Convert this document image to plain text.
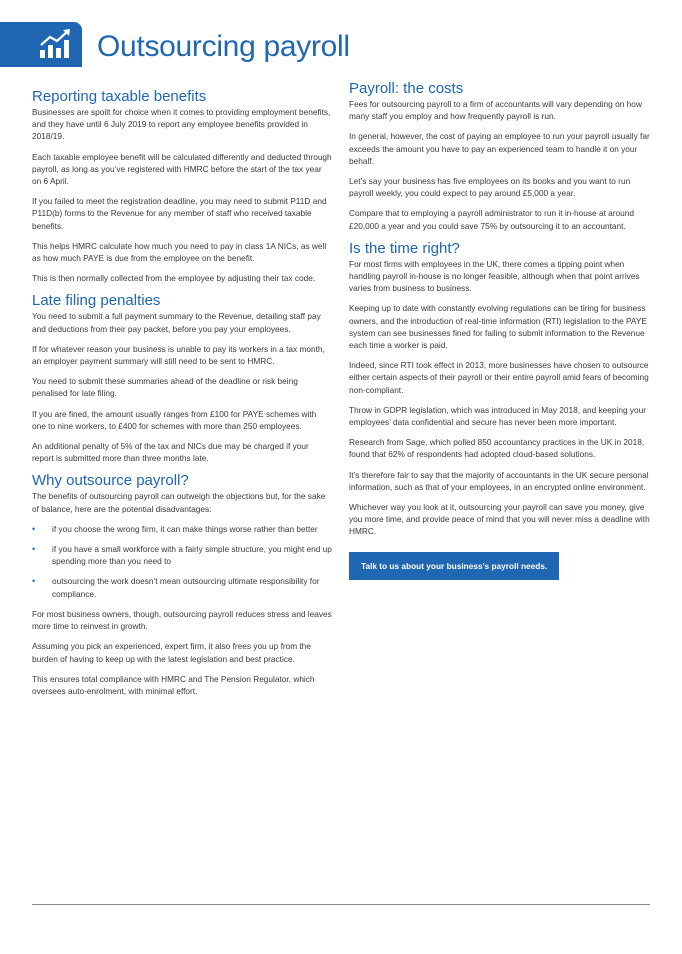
Outsourcing payroll
Reporting taxable benefits

Businesses are spoilt for choice when it comes to providing employment benefits, and they have until 6 July 2019 to report any employee benefits provided in 2018/19.

Each taxable employee benefit will be calculated differently and deducted through payroll, as long as you’ve registered with HMRC before the start of the tax year on 6 April.

If you failed to meet the registration deadline, you may need to submit P11D and P11D(b) forms to the Revenue for any member of staff who received taxable benefits.

This helps HMRC calculate how much you need to pay in class 1A NICs, as well as how much PAYE is due from the employee on the benefit.

This is then normally collected from the employee by adjusting their tax code.

Late filing penalties

You need to submit a full payment summary to the Revenue, detailing staff pay and deductions from their pay packet, before you pay your employees.

If for whatever reason your business is unable to pay its workers in a tax month, an employer payment summary will still need to be sent to HMRC.

You need to submit these summaries ahead of the deadline or risk being penalised for late filing.

If you are fined, the amount usually ranges from £100 for PAYE schemes with one to nine workers, to £400 for schemes with more than 250 employees.

An additional penalty of 5% of the tax and NICs due may be charged if your report is submitted more than three months late.

Why outsource payroll?

The benefits of outsourcing payroll can outweigh the objections but, for the sake of balance, here are the potential disadvantages:

• if you choose the wrong firm, it can make things worse rather than better
• if you have a small workforce with a fairly simple structure, you might end up spending more than you need to
• outsourcing the work doesn’t mean outsourcing ultimate responsibility for compliance.

For most business owners, though, outsourcing payroll reduces stress and leaves more time to reinvest in growth.

Assuming you pick an experienced, expert firm, it also frees you up from the burden of having to keep up with the latest legislation and best practice.

This ensures total compliance with HMRC and The Pension Regulator, which oversees auto-enrolment, with minimal effort.

Payroll: the costs

Fees for outsourcing payroll to a firm of accountants will vary depending on how many staff you employ and how frequently payroll is run.

In general, however, the cost of paying an employee to run your payroll usually far exceeds the amount you have to pay an experienced team to handle it on your behalf.

Let’s say your business has five employees on its books and you want to run payroll weekly, you could expect to pay around £5,000 a year.

Compare that to employing a payroll administrator to run it in-house at around £20,000 a year and you could save 75% by outsourcing it to an accountant.

Is the time right?

For most firms with employees in the UK, there comes a tipping point when handling payroll in-house is no longer feasible, although when that point arrives varies from business to business.

Keeping up to date with constantly evolving regulations can be tiring for business owners, and the introduction of real-time information (RTI) legislation to the PAYE system can see businesses fined for failing to submit information to the Revenue each time a worker is paid.

Indeed, since RTI took effect in 2013, more businesses have chosen to outsource either certain aspects of their payroll or their entire payroll amid fears of becoming non-compliant.

Throw in GDPR legislation, which was introduced in May 2018, and keeping your employees’ data confidential and secure has never been more important.

Research from Sage, which polled 850 accountancy practices in the UK in 2018, found that 62% of respondents had adopted cloud-based solutions.

It’s therefore fair to say that the majority of accountants in the UK secure personal information, such as that of your employees, in an encrypted online environment.

Whichever way you look at it, outsourcing your payroll can save you money, give you more time, and provide peace of mind that you will never miss a deadline with HMRC.

Talk to us about your business’s payroll needs.
